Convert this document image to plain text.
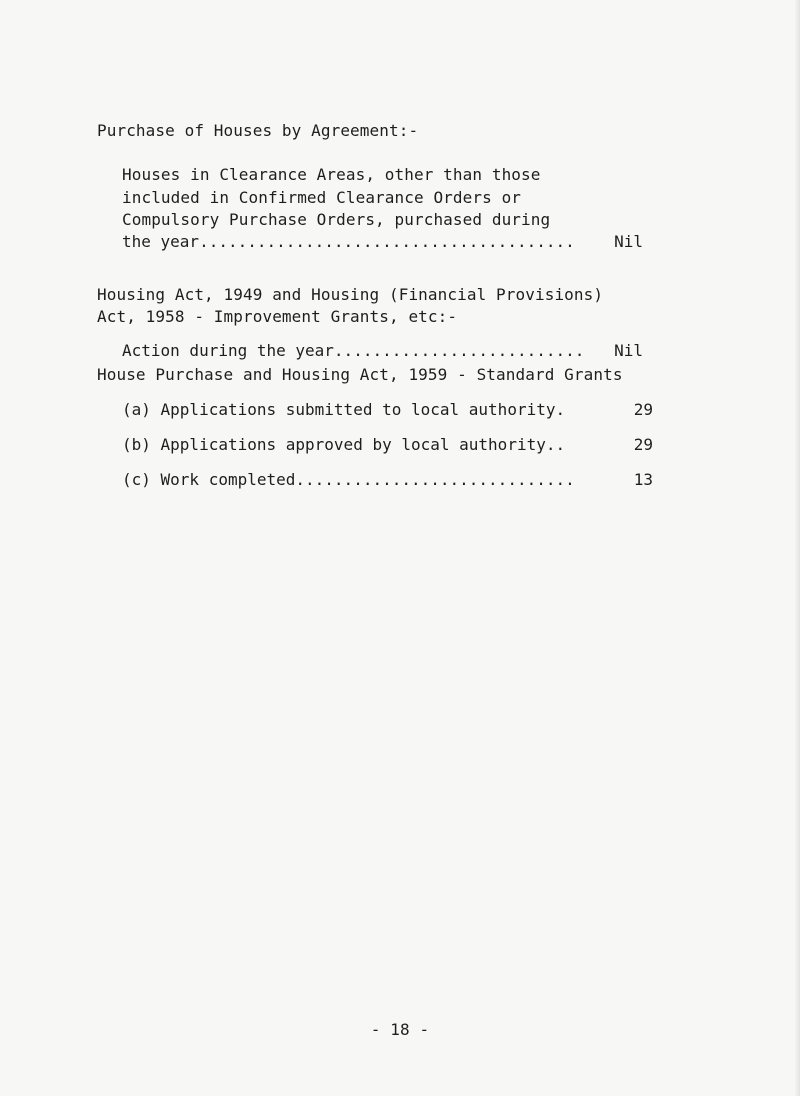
Purchase of Houses by Agreement:-
Houses in Clearance Areas, other than those
included in Confirmed Clearance Orders or
Compulsory Purchase Orders, purchased during
the year.......................................	Nil
Housing Act, 1949 and Housing (Financial Provisions)
Act, 1958 - Improvement Grants, etc:-
Action during the year..........................	Nil
House Purchase and Housing Act, 1959 - Standard Grants
(a) Applications submitted to local authority.	29
(b) Applications approved by local authority..	29
(c) Work completed.............................	13
- 18 -
